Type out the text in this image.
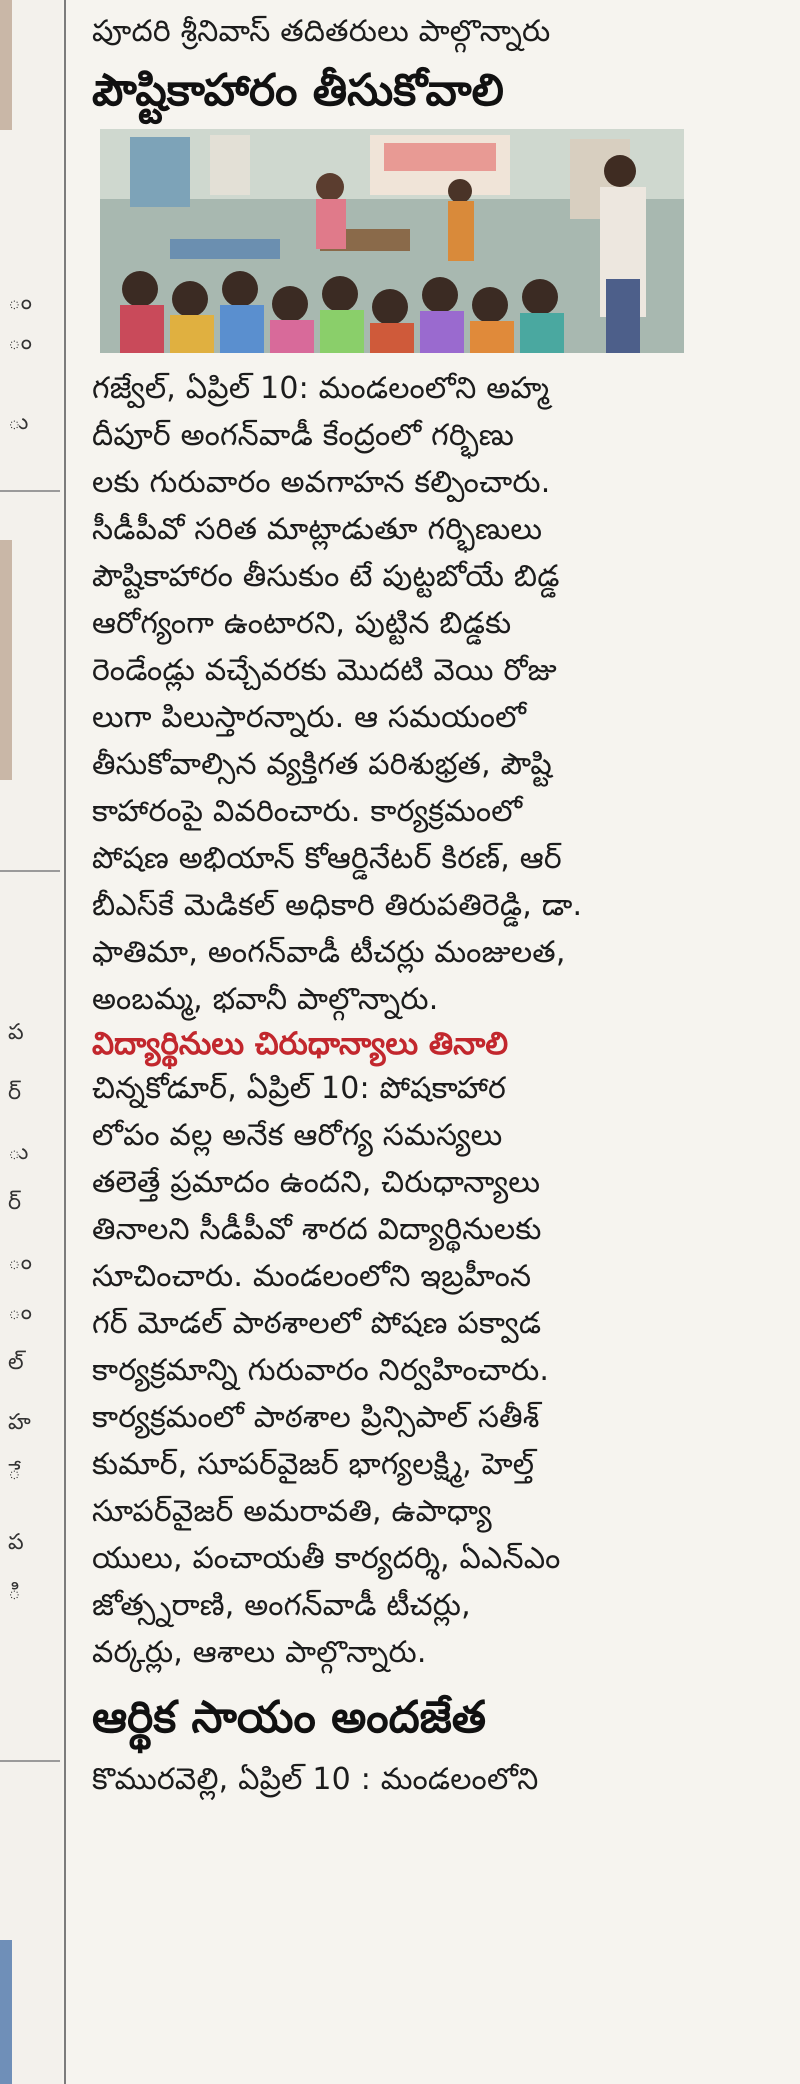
ం
ం
ు
ప
ర్
ు
ర్
ం
ం
ల్
హ
ే
ప
ి

పూదరి శ్రీనివాస్ తదితరులు పాల్గొన్నారు
పౌష్టికాహారం తీసుకోవాలి
గజ్వేల్, ఏప్రిల్ 10: మండలంలోని అహ్మ
దీపూర్ అంగన్‌వాడీ కేంద్రంలో గర్భిణు
లకు గురువారం అవగాహన కల్పించారు.
సీడీపీవో సరిత మాట్లాడుతూ గర్భిణులు
పౌష్టికాహారం తీసుకుం టే పుట్టబోయే బిడ్డ
ఆరోగ్యంగా ఉంటారని, పుట్టిన బిడ్డకు
రెండేండ్లు వచ్చేవరకు మొదటి వెయి రోజు
లుగా పిలుస్తారన్నారు. ఆ సమయంలో
తీసుకోవాల్సిన వ్యక్తిగత పరిశుభ్రత, పౌష్టి
కాహారంపై వివరించారు. కార్యక్రమంలో
పోషణ అభియాన్ కోఆర్డినేటర్ కిరణ్, ఆర్
బీఎస్‌కే మెడికల్ అధికారి తిరుపతిరెడ్డి, డా.
ఫాతిమా, అంగన్‌వాడీ టీచర్లు మంజులత,
అంబమ్మ, భవానీ పాల్గొన్నారు.
విద్యార్థినులు చిరుధాన్యాలు తినాలి
చిన్నకోడూర్, ఏప్రిల్ 10: పోషకాహార
లోపం వల్ల అనేక ఆరోగ్య సమస్యలు
తలెత్తే ప్రమాదం ఉందని, చిరుధాన్యాలు
తినాలని సీడీపీవో శారద విద్యార్థినులకు
సూచించారు. మండలంలోని ఇబ్రహీంన
గర్ మోడల్ పాఠశాలలో పోషణ పక్వాడ
కార్యక్రమాన్ని గురువారం నిర్వహించారు.
కార్యక్రమంలో పాఠశాల ప్రిన్సిపాల్ సతీశ్
కుమార్, సూపర్‌వైజర్ భాగ్యలక్ష్మి, హెల్త్
సూపర్‌వైజర్ అమరావతి, ఉపాధ్యా
యులు, పంచాయతీ కార్యదర్శి, ఏఎన్‌ఎం
జోత్స్నరాణి, అంగన్‌వాడీ టీచర్లు,
వర్కర్లు, ఆశాలు పాల్గొన్నారు.
ఆర్థిక సాయం అందజేత
కొమురవెల్లి, ఏప్రిల్ 10 : మండలంలోని
